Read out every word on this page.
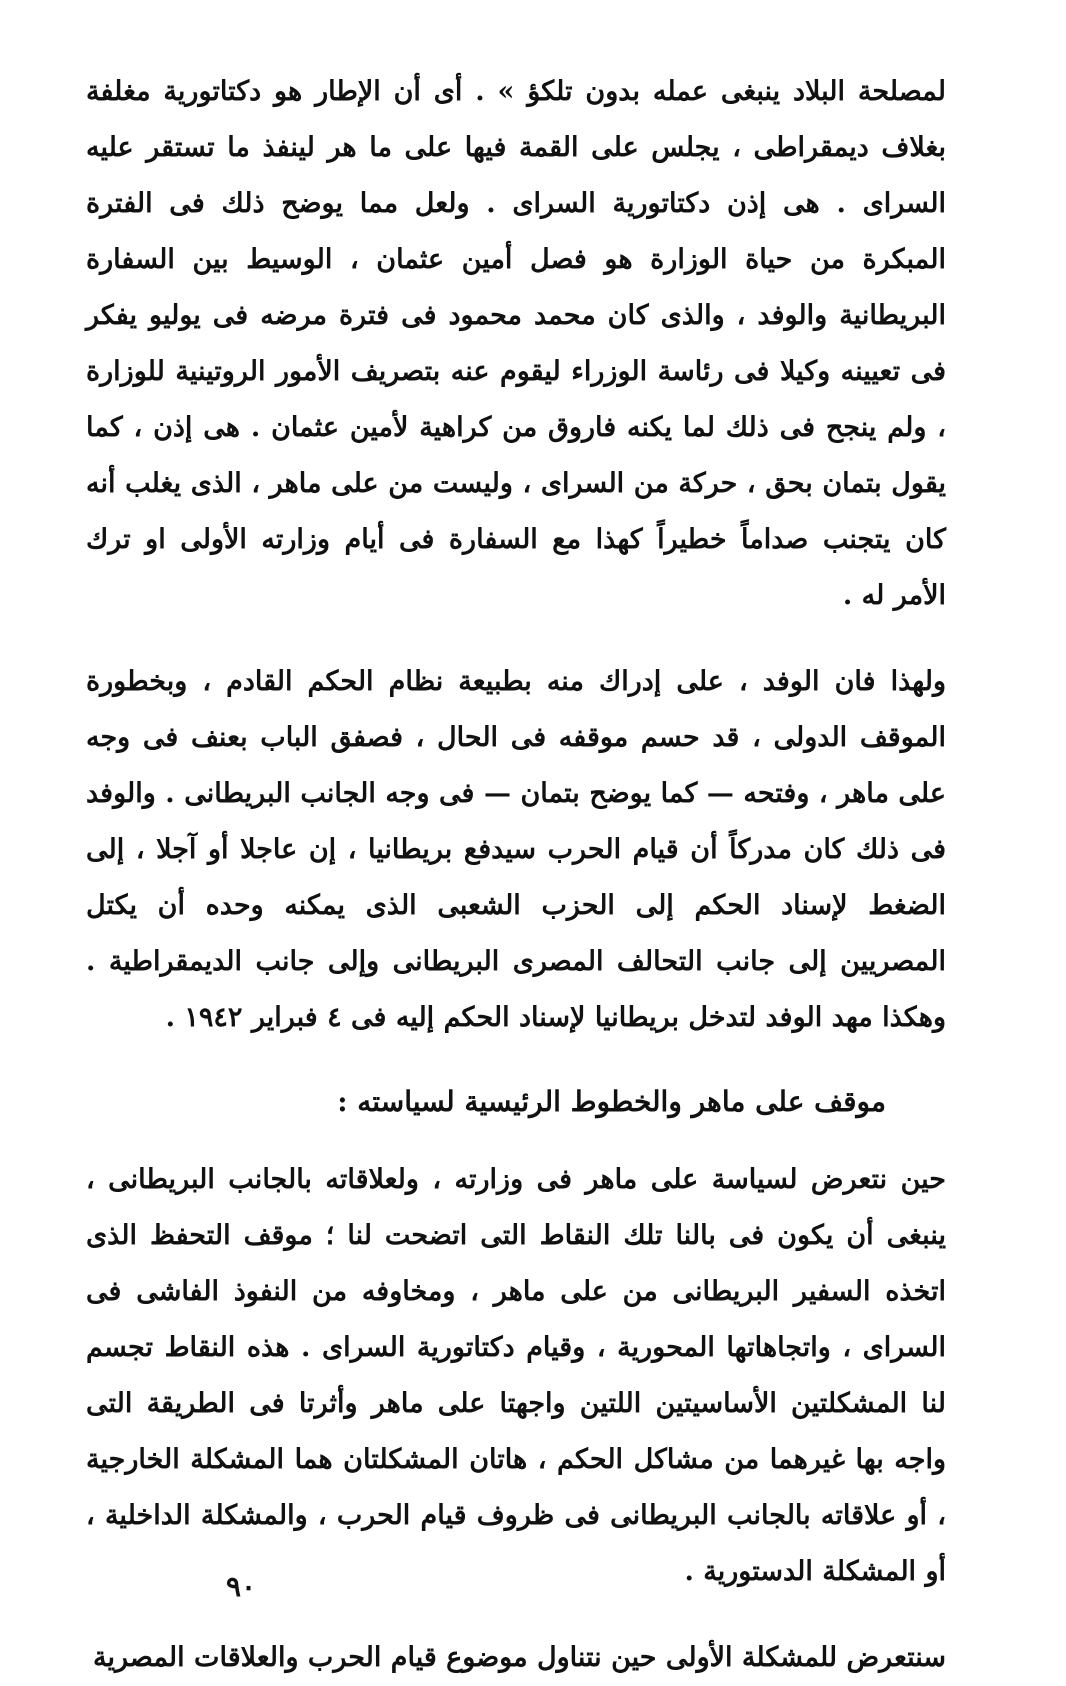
لمصلحة البلاد ينبغى عمله بدون تلكؤ » . أى أن الإطار هو دكتاتورية مغلفة بغلاف ديمقراطى ، يجلس على القمة فيها على ما هر لينفذ ما تستقر عليه السراى . هى إذن دكتاتورية السراى . ولعل مما يوضح ذلك فى الفترة المبكرة من حياة الوزارة هو فصل أمين عثمان ، الوسيط بين السفارة البريطانية والوفد ، والذى كان محمد محمود فى فترة مرضه فى يوليو يفكر فى تعيينه وكيلا فى رئاسة الوزراء ليقوم عنه بتصريف الأمور الروتينية للوزارة ، ولم ينجح فى ذلك لما يكنه فاروق من كراهية لأمين عثمان . هى إذن ، كما يقول بتمان بحق ، حركة من السراى ، وليست من على ماهر ، الذى يغلب أنه كان يتجنب صداماً خطيراً كهذا مع السفارة فى أيام وزارته الأولى او ترك الأمر له .

ولهذا فان الوفد ، على إدراك منه بطبيعة نظام الحكم القادم ، وبخطورة الموقف الدولى ، قد حسم موقفه فى الحال ، فصفق الباب بعنف فى وجه على ماهر ، وفتحه — كما يوضح بتمان — فى وجه الجانب البريطانى . والوفد فى ذلك كان مدركاً أن قيام الحرب سيدفع بريطانيا ، إن عاجلا أو آجلا ، إلى الضغط لإسناد الحكم إلى الحزب الشعبى الذى يمكنه وحده أن يكتل المصريين إلى جانب التحالف المصرى البريطانى وإلى جانب الديمقراطية . وهكذا مهد الوفد لتدخل بريطانيا لإسناد الحكم إليه فى ٤ فبراير ١٩٤٢ .

موقف على ماهر والخطوط الرئيسية لسياسته :

حين نتعرض لسياسة على ماهر فى وزارته ، ولعلاقاته بالجانب البريطانى ، ينبغى أن يكون فى بالنا تلك النقاط التى اتضحت لنا ؛ موقف التحفظ الذى اتخذه السفير البريطانى من على ماهر ، ومخاوفه من النفوذ الفاشى فى السراى ، واتجاهاتها المحورية ، وقيام دكتاتورية السراى . هذه النقاط تجسم لنا المشكلتين الأساسيتين اللتين واجهتا على ماهر وأثرتا فى الطريقة التى واجه بها غيرهما من مشاكل الحكم ، هاتان المشكلتان هما المشكلة الخارجية ، أو علاقاته بالجانب البريطانى فى ظروف قيام الحرب ، والمشكلة الداخلية ، أو المشكلة الدستورية .

سنتعرض للمشكلة الأولى حين نتناول موضوع قيام الحرب والعلاقات المصرية

٩٠
